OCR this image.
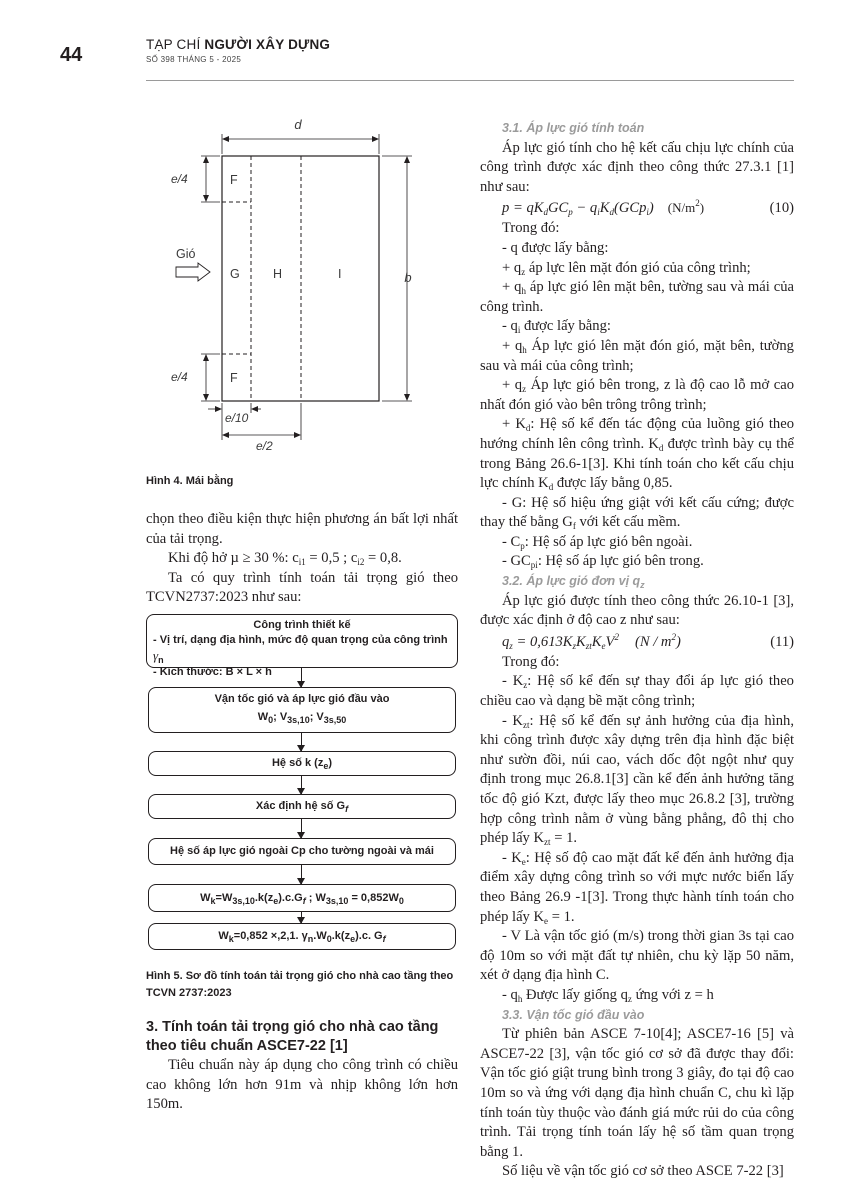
44	TẠP CHÍ NGƯỜI XÂY DỰNG
SỐ 398 THÁNG 5 - 2025
d
b
e/4
e/4
e/10
e/2
F
G	H	I
F
Gió
Hình 4. Mái bằng

chọn theo điều kiện thực hiện phương án bất lợi nhất của tải trọng.

Khi độ hở µ ≥ 30 %: $c_{i1} = 0,5$ ; $c_{i2} = 0,8$.

Ta có quy trình tính toán tải trọng gió theo TCVN2737:2023 như sau:

Công trình thiết kế
- Vị trí, dạng địa hình, mức độ quan trọng của công trình $\gamma_n$
- Kích thước: B × L × h
Vận tốc gió và áp lực gió đầu vào
$W_0$; $V_{3s,10}$; $V_{3s,50}$
Hệ số k $(z_e)$
Xác định hệ số $G_f$
Hệ số áp lực gió ngoài Cp cho tường ngoài và mái
$W_k=W_{3s,10}.k(z_e).c.G_f$ ; $W_{3s,10} = 0,852W_0$
$W_k=0,852 \times,2,1$. $\gamma_n.W_0.k(z_e).c$. $G_f$
Hình 5. Sơ đồ tính toán tải trọng gió cho nhà cao tầng theo TCVN 2737:2023
3. Tính toán tải trọng gió cho nhà cao tầng theo tiêu chuẩn ASCE7-22 [1]

Tiêu chuẩn này áp dụng cho công trình có chiều cao không lớn hơn 91m và nhịp không lớn hơn 150m.

3.1. Áp lực gió tính toán

Áp lực gió tính cho hệ kết cấu chịu lực chính của công trình được xác định theo công thức 27.3.1 [1] như sau:

$p = qK_dGC_p - q_iK_d(GCp_i)$ $(N/m^2)$	(10)

Trong đó:

- q được lấy bằng:

+ $q_z$ áp lực lên mặt đón gió của công trình;

+ $q_h$ áp lực gió lên mặt bên, tường sau và mái của công trình.

- $q_i$ được lấy bằng:

+ $q_h$ Áp lực gió lên mặt đón gió, mặt bên, tường sau và mái của công trình;

+ $q_z$ Áp lực gió bên trong, z là độ cao lỗ mở cao nhất đón gió vào bên trông trông trình;

+ $K_d$: Hệ số kể đến tác động của luồng gió theo hướng chính lên công trình. $K_d$ được trình bày cụ thể trong Bảng 26.6-1[3]. Khi tính toán cho kết cấu chịu lực chính $K_d$ được lấy bằng 0,85.

- G: Hệ số hiệu ứng giật với kết cấu cứng; được thay thế bằng $G_f$ với kết cấu mềm.

- $C_p$: Hệ số áp lực gió bên ngoài.

- $GC_{pi}$: Hệ số áp lực gió bên trong.

3.2. Áp lực gió đơn vị $q_z$

Áp lực gió được tính theo công thức 26.10-1 [3], được xác định ở độ cao z như sau:

$q_z = 0,613K_zK_{zt}K_eV^2$ $(N / m^2)$	(11)

Trong đó:

- $K_z$: Hệ số kể đến sự thay đổi áp lực gió theo chiều cao và dạng bề mặt công trình;

- $K_{zt}$: Hệ số kể đến sự ảnh hưởng của địa hình, khi công trình được xây dựng trên địa hình đặc biệt như sườn đồi, núi cao, vách dốc đột ngột như quy định trong mục 26.8.1[3] cần kể đến ảnh hưởng tăng tốc độ gió Kzt, được lấy theo mục 26.8.2 [3], trường hợp công trình nằm ở vùng bằng phẳng, đô thị cho phép lấy $K_{zt} = 1$.

- $K_e$: Hệ số độ cao mặt đất kể đến ảnh hưởng địa điểm xây dựng công trình so với mực nước biển lấy theo Bảng 26.9 -1[3]. Trong thực hành tính toán cho phép lấy $K_e = 1$.

- V Là vận tốc gió (m/s) trong thời gian 3s tại cao độ 10m so với mặt đất tự nhiên, chu kỳ lặp 50 năm, xét ở dạng địa hình C.

- $q_h$ Được lấy giống $q_z$ ứng với z = h

3.3. Vận tốc gió đầu vào

Từ phiên bản ASCE 7-10[4]; ASCE7-16 [5] và ASCE7-22 [3], vận tốc gió cơ sở đã được thay đổi: Vận tốc gió giật trung bình trong 3 giây, đo tại độ cao 10m so và ứng với dạng địa hình chuẩn C, chu kì lặp tính toán tùy thuộc vào đánh giá mức rủi do của công trình. Tải trọng tính toán lấy hệ số tầm quan trọng bằng 1.

Số liệu về vận tốc gió cơ sở theo ASCE 7-22 [3]
